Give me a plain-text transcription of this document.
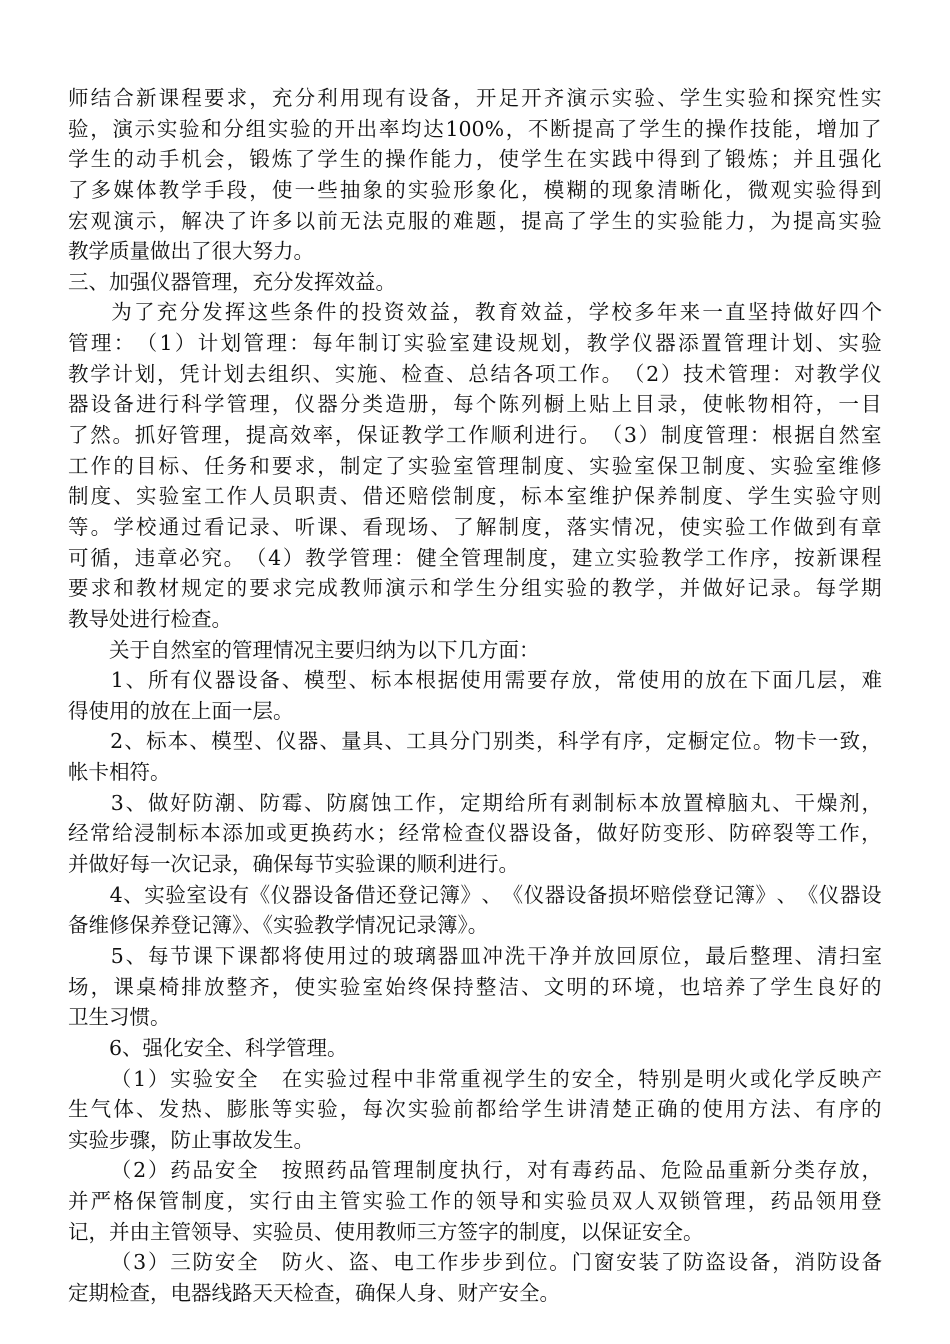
师 结 合 新 课 程 要 求 ， 充 分 利 用 现 有 设 备 ， 开 足 开 齐 演 示 实 验 、 学 生 实 验 和 探 究 性 实
验 ， 演 示 实 验 和 分 组 实 验 的 开 出 率 均 达 100% ， 不 断 提 高 了 学 生 的 操 作 技 能 ， 增 加 了
学 生 的 动 手 机 会 ， 锻 炼 了 学 生 的 操 作 能 力 ， 使 学 生 在 实 践 中 得 到 了 锻 炼 ； 并 且 强 化
了 多 媒 体 教 学 手 段 ， 使 一 些 抽 象 的 实 验 形 象 化 ， 模 糊 的 现 象 清 晰 化 ， 微 观 实 验 得 到
宏 观 演 示 ， 解 决 了 许 多 以 前 无 法 克 服 的 难 题 ， 提 高 了 学 生 的 实 验 能 力 ， 为 提 高 实 验
教学质量做出了很大努力。
三、加强仪器管理，充分发挥效益。

为 了 充 分 发 挥 这 些 条 件 的 投 资 效 益 ， 教 育 效 益 ， 学 校 多 年 来 一 直 坚 持 做 好 四 个
管 理 ： （ 1 ） 计 划 管 理 ： 每 年 制 订 实 验 室 建 设 规 划 ， 教 学 仪 器 添 置 管 理 计 划 、 实 验
教 学 计 划 ， 凭 计 划 去 组 织 、 实 施 、 检 查 、 总 结 各 项 工 作 。 （ 2 ） 技 术 管 理 ： 对 教 学 仪
器 设 备 进 行 科 学 管 理 ， 仪 器 分 类 造 册 ， 每 个 陈 列 橱 上 贴 上 目 录 ， 使 帐 物 相 符 ， 一 目
了 然 。 抓 好 管 理 ， 提 高 效 率 ， 保 证 教 学 工 作 顺 利 进 行 。 （ 3 ） 制 度 管 理 ： 根 据 自 然 室
工 作 的 目 标 、 任 务 和 要 求 ， 制 定 了 实 验 室 管 理 制 度 、 实 验 室 保 卫 制 度 、 实 验 室 维 修
制 度 、 实 验 室 工 作 人 员 职 责 、 借 还 赔 偿 制 度 ， 标 本 室 维 护 保 养 制 度 、 学 生 实 验 守 则
等 。 学 校 通 过 看 记 录 、 听 课 、 看 现 场 、 了 解 制 度 ， 落 实 情 况 ， 使 实 验 工 作 做 到 有 章
可 循 ， 违 章 必 究 。 （ 4 ） 教 学 管 理 ： 健 全 管 理 制 度 ， 建 立 实 验 教 学 工 作 序 ， 按 新 课 程
要 求 和 教 材 规 定 的 要 求 完 成 教 师 演 示 和 学 生 分 组 实 验 的 教 学 ， 并 做 好 记 录 。 每 学 期
教导处进行检查。
　　关于自然室的管理情况主要归纳为以下几方面：

1 、 所 有 仪 器 设 备 、 模 型 、 标 本 根 据 使 用 需 要 存 放 ， 常 使 用 的 放 在 下 面 几 层 ， 难
得使用的放在上面一层。

2 、 标 本 、 模 型 、 仪 器 、 量 具 、 工 具 分 门 别 类 ， 科 学 有 序 ， 定 橱 定 位 。 物 卡 一 致 ，
帐卡相符。

3 、 做 好 防 潮 、 防 霉 、 防 腐 蚀 工 作 ， 定 期 给 所 有 剥 制 标 本 放 置 樟 脑 丸 、 干 燥 剂 ，
经 常 给 浸 制 标 本 添 加 或 更 换 药 水 ； 经 常 检 查 仪 器 设 备 ， 做 好 防 变 形 、 防 碎 裂 等 工 作 ，
并做好每一次记录，确保每节实验课的顺利进行。

4 、 实 验 室 设 有 《 仪 器 设 备 借 还 登 记 簿 》 、 《 仪 器 设 备 损 坏 赔 偿 登 记 簿 》 、 《 仪 器 设
备维修保养登记簿》、《实验教学情况记录簿》。

5 、 每 节 课 下 课 都 将 使 用 过 的 玻 璃 器 皿 冲 洗 干 净 并 放 回 原 位 ， 最 后 整 理 、 清 扫 室
场 ， 课 桌 椅 排 放 整 齐 ， 使 实 验 室 始 终 保 持 整 洁 、 文 明 的 环 境 ， 也 培 养 了 学 生 良 好 的
卫生习惯。
　　6、强化安全、科学管理。

（ 1 ） 实 验 安 全
　 在 实 验 过 程 中 非 常 重 视 学 生 的 安 全 ， 特 别 是 明 火 或 化 学 反 映 产
生 气 体 、 发 热 、 膨 胀 等 实 验 ， 每 次 实 验 前 都 给 学 生 讲 清 楚 正 确 的 使 用 方 法 、 有 序 的
实验步骤，防止事故发生。

（ 2 ） 药 品 安 全
　 按 照 药 品 管 理 制 度 执 行 ， 对 有 毒 药 品 、 危 险 品 重 新 分 类 存 放 ，
并 严 格 保 管 制 度 ， 实 行 由 主 管 实 验 工 作 的 领 导 和 实 验 员 双 人 双 锁 管 理 ， 药 品 领 用 登
记，并由主管领导、实验员、使用教师三方签字的制度，以保证安全。

（ 3 ） 三 防 安 全
　 防 火 、 盗 、 电 工 作 步 步 到 位 。 门 窗 安 装 了 防 盗 设 备 ， 消 防 设 备
定期检查，电器线路天天检查，确保人身、财产安全。
